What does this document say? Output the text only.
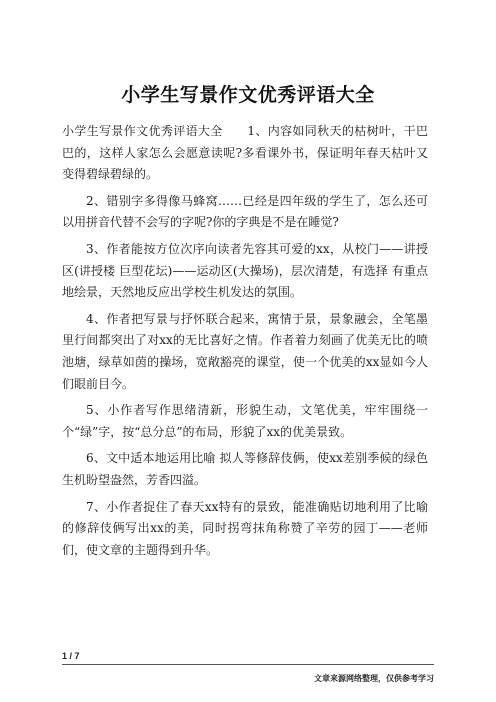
小学生写景作文优秀评语大全

小学生写景作文优秀评语大全　　1、内容如同秋天的枯树叶，干巴巴的，这样人家怎么会愿意读呢?多看课外书，保证明年春天枯叶又变得碧绿碧绿的。

2、错别字多得像马蜂窝……已经是四年级的学生了，怎么还可以用拼音代替不会写的字呢?你的字典是不是在睡觉?

3、作者能按方位次序向读者先容其可爱的xx，从校门——讲授区(讲授楼 巨型花坛)——运动区(大操场)，层次清楚，有选择 有重点地绘景，天然地反应出学校生机发达的氛围。

4、作者把写景与抒怀联合起来，寓情于景，景象融会，全笔墨里行间都突出了对xx的无比喜好之情。作者着力刻画了优美无比的喷池塘，绿草如茵的操场，宽敞豁亮的课堂，使一个优美的xx显如今人们眼前目今。

5、小作者写作思绪清新，形貌生动，文笔优美，牢牢围绕一个“绿”字，按“总分总”的布局，形貌了xx的优美景致。

6、文中适本地运用比喻 拟人等修辞伎俩，使xx差别季候的绿色生机盼望盎然，芳香四溢。

7、小作者捉住了春天xx特有的景致，能准确贴切地利用了比喻的修辞伎俩写出xx的美，同时拐弯抹角称赞了辛劳的园丁——老师们，使文章的主题得到升华。

1 / 7
文章来源网络整理，仅供参考学习
